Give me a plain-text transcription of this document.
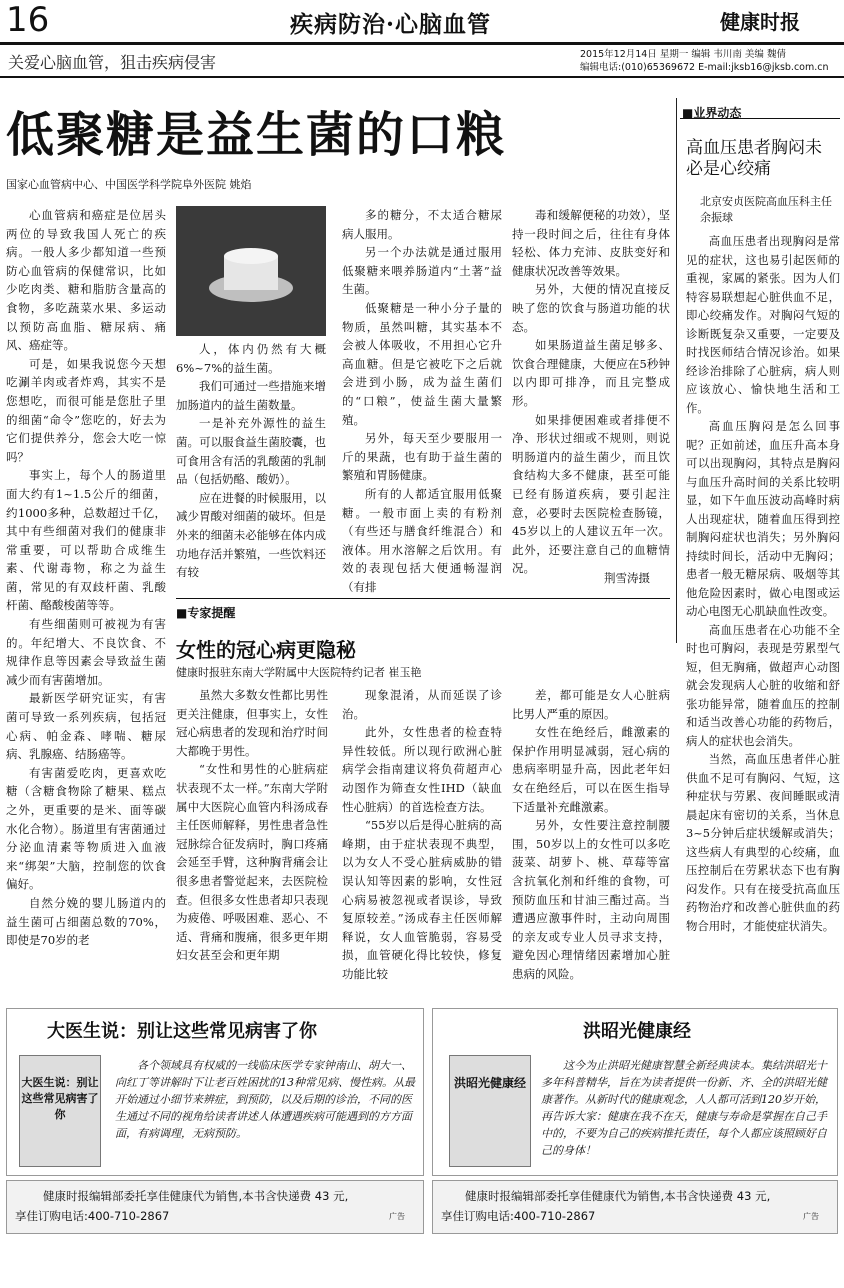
16	疾病防治·心脑血管	健康时报
关爱心脑血管，狙击疾病侵害	2015年12月14日 星期一 编辑 韦川南 美编 魏倩
编辑电话:(010)65369672 E-mail:jksb16@jksb.com.cn
低聚糖是益生菌的口粮
国家心血管病中心、中国医学科学院阜外医院 姚焰

心血管病和癌症是位居头两位的导致我国人死亡的疾病。一般人多少都知道一些预防心血管病的保健常识，比如少吃肉类、糖和脂肪含量高的食物，多吃蔬菜水果、多运动以预防高血脂、糖尿病、痛风、癌症等。

可是，如果我说您今天想吃涮羊肉或者炸鸡，其实不是您想吃，而很可能是您肚子里的细菌“命令”您吃的，好去为它们提供养分，您会大吃一惊吗？

事实上，每个人的肠道里面大约有1~1.5公斤的细菌，约1000多种，总数超过千亿，其中有些细菌对我们的健康非常重要，可以帮助合成维生素、代谢毒物，称之为益生菌，常见的有双歧杆菌、乳酸杆菌、酪酸梭菌等等。

有些细菌则可被视为有害的。年纪增大、不良饮食、不规律作息等因素会导致益生菌减少而有害菌增加。

最新医学研究证实，有害菌可导致一系列疾病，包括冠心病、帕金森、哮喘、糖尿病、乳腺癌、结肠癌等。

有害菌爱吃肉，更喜欢吃糖（含糖食物除了糖果、糕点之外，更重要的是米、面等碳水化合物）。肠道里有害菌通过分泌血清素等物质进入血液来“绑架”大脑，控制您的饮食偏好。

自然分娩的婴儿肠道内的益生菌可占细菌总数的70%，即使是70岁的老

人，体内仍然有大概6%~7%的益生菌。

我们可通过一些措施来增加肠道内的益生菌数量。

一是补充外源性的益生菌。可以服食益生菌胶囊，也可食用含有活的乳酸菌的乳制品（包括奶酪、酸奶）。

应在进餐的时候服用，以减少胃酸对细菌的破坏。但是外来的细菌未必能够在体内成功地存活并繁殖，一些饮料还有较

多的糖分，不太适合糖尿病人服用。

另一个办法就是通过服用低聚糖来喂养肠道内“土著”益生菌。

低聚糖是一种小分子量的物质，虽然叫糖，其实基本不会被人体吸收，不用担心它升高血糖。但是它被吃下之后就会进到小肠，成为益生菌们的“口粮”，使益生菌大量繁殖。

另外，每天至少要服用一斤的果蔬，也有助于益生菌的繁殖和胃肠健康。

所有的人都适宜服用低聚糖。一般市面上卖的有粉剂（有些还与膳食纤维混合）和液体。用水溶解之后饮用。有效的表现包括大便通畅湿润（有排

毒和缓解便秘的功效），坚持一段时间之后，往往有身体轻松、体力充沛、皮肤变好和健康状况改善等效果。

另外，大便的情况直接反映了您的饮食与肠道功能的状态。

如果肠道益生菌足够多、饮食合理健康，大便应在5秒钟以内即可排净，而且完整成形。

如果排便困难或者排便不净、形状过细或不规则，则说明肠道内的益生菌少，而且饮食结构大多不健康，甚至可能已经有肠道疾病，要引起注意，必要时去医院检查肠镜，45岁以上的人建议五年一次。此外，还要注意自己的血糖情况。

荆雪涛摄
■专家提醒
女性的冠心病更隐秘
健康时报驻东南大学附属中大医院特约记者 崔玉艳

虽然大多数女性都比男性更关注健康，但事实上，女性冠心病患者的发现和治疗时间大都晚于男性。

“女性和男性的心脏病症状表现不太一样。”东南大学附属中大医院心血管内科汤成春主任医师解释，男性患者急性冠脉综合征发病时，胸口疼痛会延至手臂，这种胸背痛会让很多患者警觉起来，去医院检查。但很多女性患者却只表现为疲倦、呼吸困难、恶心、不适、背痛和腹痛，很多更年期妇女甚至会和更年期

现象混淆，从而延误了诊治。

此外，女性患者的检查特异性较低。所以现行欧洲心脏病学会指南建议将负荷超声心动图作为筛查女性IHD（缺血性心脏病）的首选检查方法。

“55岁以后是得心脏病的高峰期，由于症状表现不典型，以为女人不受心脏病威胁的错误认知等因素的影响，女性冠心病易被忽视或者误诊，导致复原较差。”汤成春主任医师解释说，女人血管脆弱，容易受损，血管硬化得比较快，修复功能比较

差，都可能是女人心脏病比男人严重的原因。

女性在绝经后，雌激素的保护作用明显减弱，冠心病的患病率明显升高，因此老年妇女在绝经后，可以在医生指导下适量补充雌激素。

另外，女性要注意控制腰围，50岁以上的女性可以多吃菠菜、胡萝卜、桃、草莓等富含抗氧化剂和纤维的食物，可预防血压和甘油三酯过高。当遭遇应激事件时，主动向周围的亲友或专业人员寻求支持，避免因心理情绪因素增加心脏患病的风险。

■业界动态
高血压患者胸闷未必是心绞痛
北京安贞医院高血压科主任 余振球

高血压患者出现胸闷是常见的症状，这也易引起医师的重视，家属的紧张。因为人们特容易联想起心脏供血不足，即心绞痛发作。对胸闷气短的诊断既复杂又重要，一定要及时找医师结合情况诊治。如果经诊治排除了心脏病，病人则应该放心、愉快地生活和工作。

高血压胸闷是怎么回事呢？正如前述，血压升高本身可以出现胸闷，其特点是胸闷与血压升高时间的关系比较明显，如下午血压波动高峰时病人出现症状，随着血压得到控制胸闷症状也消失；另外胸闷持续时间长，活动中无胸闷；患者一般无糖尿病、吸烟等其他危险因素时，做心电图或运动心电图无心肌缺血性改变。

高血压患者在心功能不全时也可胸闷，表现是劳累型气短，但无胸痛，做超声心动图就会发现病人心脏的收缩和舒张功能异常，随着血压的控制和适当改善心功能的药物后，病人的症状也会消失。

当然，高血压患者伴心脏供血不足可有胸闷、气短，这种症状与劳累、夜间睡眠或清晨起床有密切的关系，当休息3~5分钟后症状缓解或消失；这些病人有典型的心绞痛，血压控制后在劳累状态下也有胸闷发作。只有在接受抗高血压药物治疗和改善心脏供血的药物合用时，才能使症状消失。

大医生说：别让这些常见病害了你
大医生说：别让这些常见病害了你
各个领域具有权威的一线临床医学专家钟南山、胡大一、向红丁等讲解时下让老百姓困扰的13种常见病、慢性病。从最开始通过小细节来辨症，到预防，以及后期的诊治，不同的医生通过不同的视角给读者讲述人体遭遇疾病可能遇到的方方面面，有病调理，无病预防。
洪昭光健康经
洪昭光健康经
这今为止洪昭光健康智慧全新经典读本。集结洪昭光十多年科普精华，旨在为读者提供一份新、齐、全的洪昭光健康著作。从新时代的健康观念，人人都可活到120岁开始，再告诉大家：健康在我不在天，健康与寿命是掌握在自己手中的，不要为自己的疾病推托责任，每个人都应该照顾好自己的身体！
健康时报编辑部委托享佳健康代为销售,本书含快递费 43 元,
享佳订购电话:400-710-2867	广告
健康时报编辑部委托享佳健康代为销售,本书含快递费 43 元,
享佳订购电话:400-710-2867	广告
